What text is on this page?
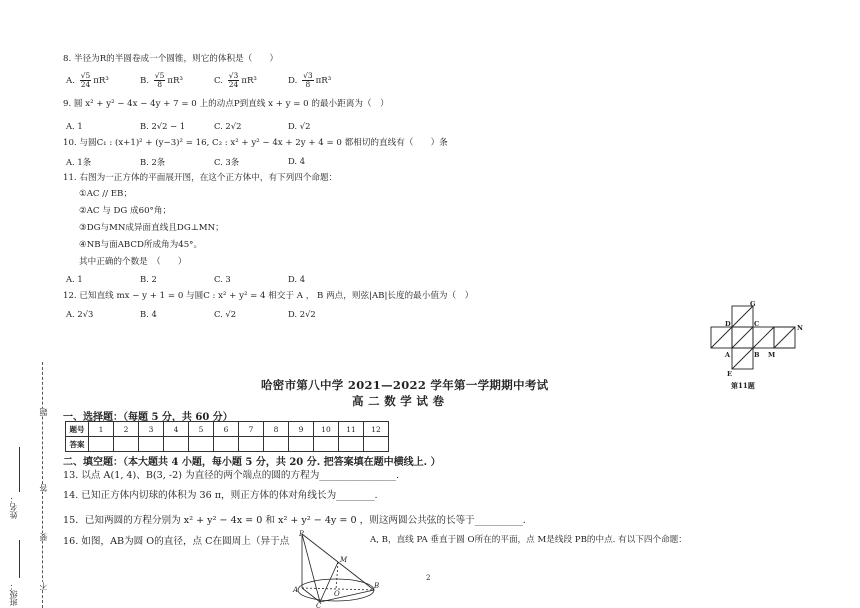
8. 半径为R的半圆卷成一个圆锥，则它的体积是（　　）
A. $\frac{√5}{24} \pi R^3$	B. $\frac{√5}{8} \pi R^3$	C. $\frac{√3}{24} \pi R^3$	D. $\frac{√3}{8} \pi R^3$
9. 圆 x² + y² − 4x − 4y + 7 = 0 上的动点P到直线 x + y = 0 的最小距离为（　）
A. 1	B. 2√2 − 1	C. 2√2	D. √2
10. 与圆C₁ : (x+1)² + (y−3)² = 16, C₂ : x² + y² − 4x + 2y + 4 = 0 都相切的直线有（　　）条
A. 1条	B. 2条	C. 3条	D. 4
11. 右图为一正方体的平面展开图，在这个正方体中，有下列四个命题：
①AC // EB；
②AC 与 DG 成60°角；
③DG与MN成异面直线且DG⊥MN；
④NB与面ABCD所成角为45°。
其中正确的个数是　（　　）
A. 1	B. 2	C. 3	D. 4
12. 已知直线 mx − y + 1 = 0 与圆C : x² + y² = 4 相交于 A ， B 两点，则弦|AB|长度的最小值为（　）
A. 2√3	B. 4	C. √2	D. 2√2
G
D	C	N
A	B M
E
第11题
哈密市第八中学 2021—2022 学年第一学期期中考试
高 二 数 学 试 卷
一、选择题：（每题 5 分，共 60 分）
题号	1	2	3	4	5	6	7	8	9	10	11	12
答案												
二、填空题：（本大题共 4 小题，每小题 5 分，共 20 分. 把答案填在题中横线上. ）
13. 以点 A(1, 4)、B(3, -2) 为直径的两个端点的圆的方程为________________.
14. 已知正方体内切球的体积为 36 π，则正方体的体对角线长为________.
15．已知两圆的方程分别为 x² + y² − 4x = 0 和 x² + y² − 4y = 0 ，则这两圆公共弦的长等于__________.
16. 如图，AB为圆 O的直径，点 C在圆周上（异于点	A, B，直线 PA 垂直于圆 O所在的平面，点 M是线段 PB的中点. 有以下四个命题：
P
M
A	O
B
C
2
题
答
要
不
姓名：
班级：
